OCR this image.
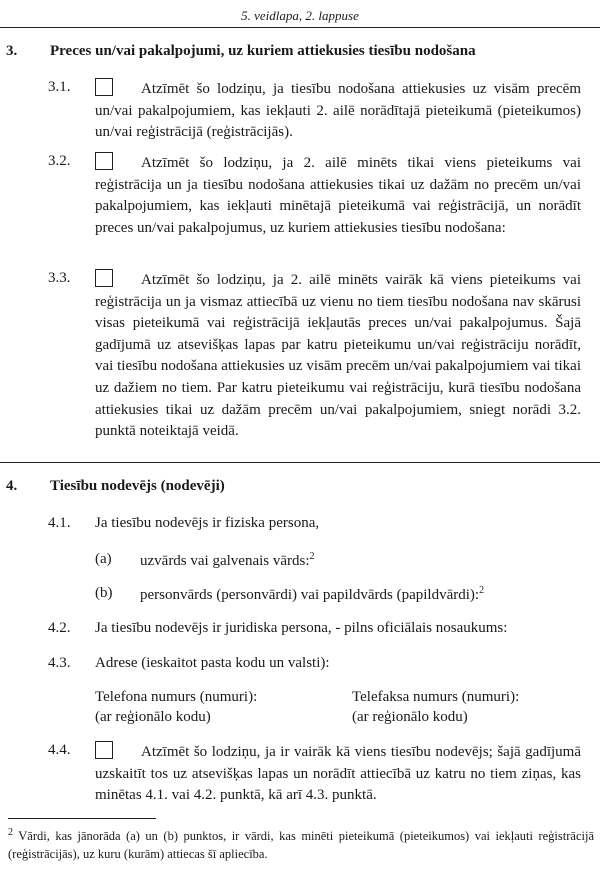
5. veidlapa, 2. lappuse
3. Preces un/vai pakalpojumi, uz kuriem attiekusies tiesību nodošana
3.1.	Atzīmēt šo lodziņu, ja tiesību nodošana attiekusies uz visām precēm un/vai pakalpojumiem, kas iekļauti 2. ailē norādītajā pieteikumā (pieteikumos) un/vai reģistrācijā (reģistrācijās).
3.2.	Atzīmēt šo lodziņu, ja 2. ailē minēts tikai viens pieteikums vai reģistrācija un ja tiesību nodošana attiekusies tikai uz dažām no precēm un/vai pakalpojumiem, kas iekļauti minētajā pieteikumā vai reģistrācijā, un norādīt preces un/vai pakalpojumus, uz kuriem attiekusies tiesību nodošana:
3.3.	Atzīmēt šo lodziņu, ja 2. ailē minēts vairāk kā viens pieteikums vai reģistrācija un ja vismaz attiecībā uz vienu no tiem tiesību nodošana nav skārusi visas pieteikumā vai reģistrācijā iekļautās preces un/vai pakalpojumus. Šajā gadījumā uz atsevišķas lapas par katru pieteikumu un/vai reģistrāciju norādīt, vai tiesību nodošana attiekusies uz visām precēm un/vai pakalpojumiem vai tikai uz dažiem no tiem. Par katru pieteikumu vai reģistrāciju, kurā tiesību nodošana attiekusies tikai uz dažām precēm un/vai pakalpojumiem, sniegt norādi 3.2. punktā noteiktajā veidā.
4. Tiesību nodevējs (nodevēji)
4.1. Ja tiesību nodevējs ir fiziska persona,
(a) uzvārds vai galvenais vārds:$^2$
(b) personvārds (personvārdi) vai papildvārds (papildvārdi):$^2$
4.2. Ja tiesību nodevējs ir juridiska persona, - pilns oficiālais nosaukums:
4.3. Adrese (ieskaitot pasta kodu un valsti):
Telefona numurs (numuri):
(ar reģionālo kodu)
Telefaksa numurs (numuri):
(ar reģionālo kodu)
4.4.	Atzīmēt šo lodziņu, ja ir vairāk kā viens tiesību nodevējs; šajā gadījumā uzskaitīt tos uz atsevišķas lapas un norādīt attiecībā uz katru no tiem ziņas, kas minētas 4.1. vai 4.2. punktā, kā arī 4.3. punktā.
$^2$ Vārdi, kas jānorāda (a) un (b) punktos, ir vārdi, kas minēti pieteikumā (pieteikumos) vai iekļauti reģistrācijā (reģistrācijās), uz kuru (kurām) attiecas šī apliecība.
